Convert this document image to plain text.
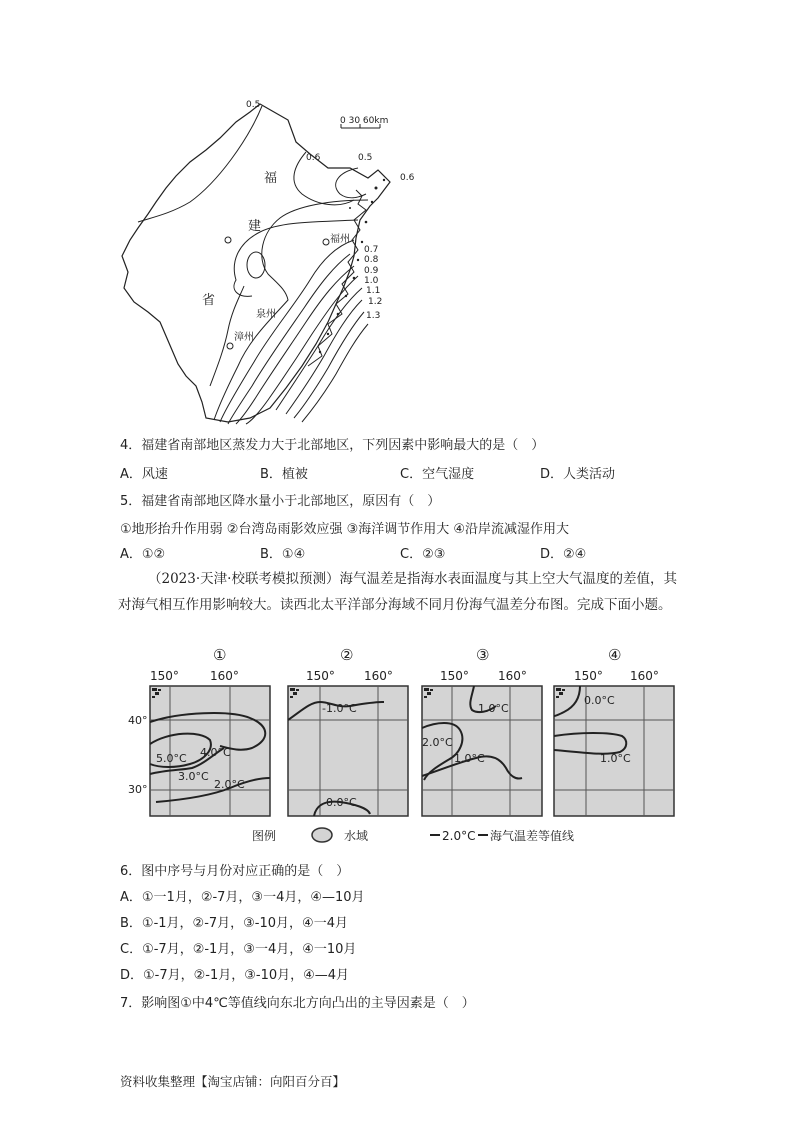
0 30 60km
福
建
省
福州
泉州
漳州
0.5
0.6	0.5
0.6
0.7
0.8
0.9
1.0
1.1
1.2
1.3
4．福建省南部地区蒸发力大于北部地区，下列因素中影响最大的是（　）
A．风速	B．植被	C．空气湿度	D．人类活动
5．福建省南部地区降水量小于北部地区，原因有（　）
①地形抬升作用弱 ②台湾岛雨影效应强 ③海洋调节作用大 ④沿岸流减湿作用大
A．①②	B．①④	C．②③	D．②④
（2023·天津·校联考模拟预测）海气温差是指海水表面温度与其上空大气温度的差值，其对海气相互作用影响较大。读西北太平洋部分海域不同月份海气温差分布图。完成下面小题。
①
150°	160°
40°
30°
5.0°C 4.0°C
3.0°C
2.0°C
②
150° 160°
-1.0°C
0.0°C
③
150° 160°
1.0°C
2.0°C
1.0°C
④
150° 160°
0.0°C
1.0°C
图例	水域	2.0°C 海气温差等值线
6．图中序号与月份对应正确的是（　）
A．①一1月，②-7月，③一4月，④—10月
B．①-1月，②-7月，③-10月，④一4月
C．①-7月，②-1月，③一4月，④一10月
D．①-7月，②-1月，③-10月，④—4月
7．影响图①中4℃等值线向东北方向凸出的主导因素是（　）
资料收集整理【淘宝店铺：向阳百分百】
